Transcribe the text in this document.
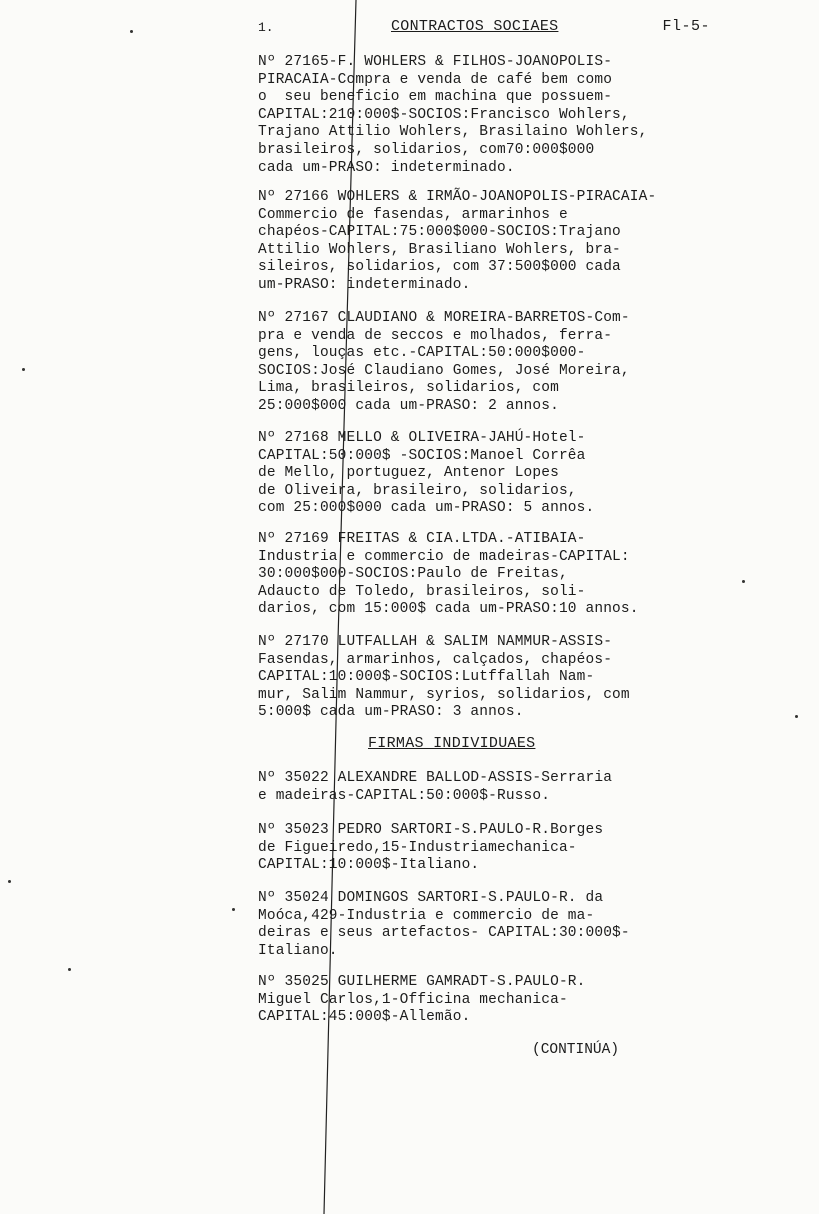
1.	CONTRACTOS SOCIAES	Fl-5-
Nº 27165-F. WOHLERS & FILHOS-JOANOPOLIS-
PIRACAIA-Compra e venda de café bem como
o  seu beneficio em machina que possuem-
CAPITAL:210:000$-SOCIOS:Francisco Wohlers,
Trajano Attilio Wohlers, Brasilaino Wohlers,
brasileiros, solidarios, com70:000$000
cada um-PRASO: indeterminado.
Nº 27166 WOHLERS & IRMÃO-JOANOPOLIS-PIRACAIA-
Commercio de fasendas, armarinhos e
chapéos-CAPITAL:75:000$000-SOCIOS:Trajano
Attilio Wohlers, Brasiliano Wohlers, bra-
sileiros, solidarios, com 37:500$000 cada
um-PRASO: indeterminado.
Nº 27167 CLAUDIANO & MOREIRA-BARRETOS-Com-
pra e venda de seccos e molhados, ferra-
gens, louças etc.-CAPITAL:50:000$000-
SOCIOS:José Claudiano Gomes, José Moreira,
Lima, brasileiros, solidarios, com
25:000$000 cada um-PRASO: 2 annos.
Nº 27168 MELLO & OLIVEIRA-JAHÚ-Hotel-
CAPITAL:50:000$ -SOCIOS:Manoel Corrêa
de Mello, portuguez, Antenor Lopes
de Oliveira, brasileiro, solidarios,
com 25:000$000 cada um-PRASO: 5 annos.
Nº 27169 FREITAS & CIA.LTDA.-ATIBAIA-
Industria e commercio de madeiras-CAPITAL:
30:000$000-SOCIOS:Paulo de Freitas,
Adaucto de Toledo, brasileiros, soli-
darios, com 15:000$ cada um-PRASO:10 annos.
Nº 27170 LUTFALLAH & SALIM NAMMUR-ASSIS-
Fasendas, armarinhos, calçados, chapéos-
CAPITAL:10:000$-SOCIOS:Lutffallah Nam-
mur, Salim Nammur, syrios, solidarios, com
5:000$ cada um-PRASO: 3 annos.
FIRMAS INDIVIDUAES
Nº 35022 ALEXANDRE BALLOD-ASSIS-Serraria
e madeiras-CAPITAL:50:000$-Russo.
Nº 35023 PEDRO SARTORI-S.PAULO-R.Borges
de Figueiredo,15-Industriamechanica-
CAPITAL:10:000$-Italiano.
Nº 35024 DOMINGOS SARTORI-S.PAULO-R. da
Moóca,429-Industria e commercio de ma-
deiras e seus artefactos- CAPITAL:30:000$-
Italiano.
Nº 35025 GUILHERME GAMRADT-S.PAULO-R.
Miguel Carlos,1-Officina mechanica-
CAPITAL:45:000$-Allemão.
(CONTINÚA)
